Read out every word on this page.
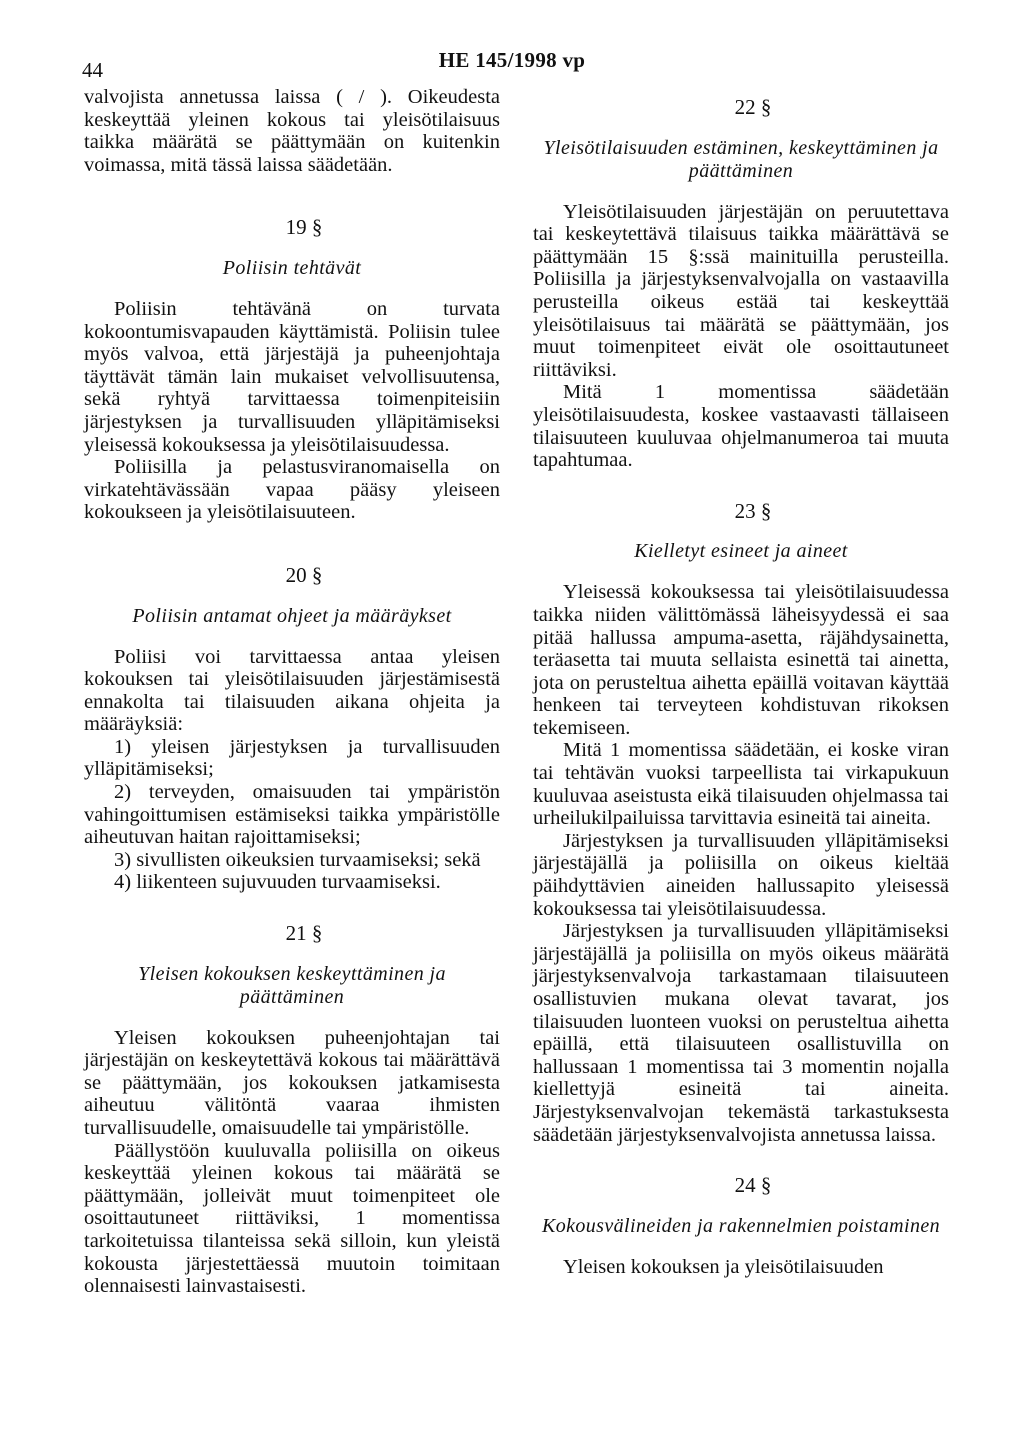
44	HE 145/1998 vp

valvojista annetussa laissa ( / ). Oikeudesta keskeyttää yleinen kokous tai yleisötilaisuus taikka määrätä se päättymään on kuitenkin voimassa, mitä tässä laissa säädetään.

19 §

Poliisin tehtävät

Poliisin tehtävänä on turvata kokoontumisvapauden käyttämistä. Poliisin tulee myös valvoa, että järjestäjä ja puheenjohtaja täyttävät tämän lain mukaiset velvollisuutensa, sekä ryhtyä tarvittaessa toimenpiteisiin järjestyksen ja turvallisuuden ylläpitämiseksi yleisessä kokouksessa ja yleisötilaisuudessa.

Poliisilla ja pelastusviranomaisella on virkatehtävässään vapaa pääsy yleiseen kokoukseen ja yleisötilaisuuteen.

20 §

Poliisin antamat ohjeet ja määräykset

Poliisi voi tarvittaessa antaa yleisen kokouksen tai yleisötilaisuuden järjestämisestä ennakolta tai tilaisuuden aikana ohjeita ja määräyksiä:

1) yleisen järjestyksen ja turvallisuuden ylläpitämiseksi;

2) terveyden, omaisuuden tai ympäristön vahingoittumisen estämiseksi taikka ympäristölle aiheutuvan haitan rajoittamiseksi;

3) sivullisten oikeuksien turvaamiseksi; sekä

4) liikenteen sujuvuuden turvaamiseksi.

21 §

Yleisen kokouksen keskeyttäminen ja päättäminen

Yleisen kokouksen puheenjohtajan tai järjestäjän on keskeytettävä kokous tai määrättävä se päättymään, jos kokouksen jatkamisesta aiheutuu välitöntä vaaraa ihmisten turvallisuudelle, omaisuudelle tai ympäristölle.

Päällystöön kuuluvalla poliisilla on oikeus keskeyttää yleinen kokous tai määrätä se päättymään, jolleivät muut toimenpiteet ole osoittautuneet riittäviksi, 1 momentissa tarkoitetuissa tilanteissa sekä silloin, kun yleistä kokousta järjestettäessä muutoin toimitaan olennaisesti lainvastaisesti.

22 §

Yleisötilaisuuden estäminen, keskeyttäminen ja päättäminen

Yleisötilaisuuden järjestäjän on peruutettava tai keskeytettävä tilaisuus taikka määrättävä se päättymään 15 §:ssä mainituilla perusteilla. Poliisilla ja järjestyksenvalvojalla on vastaavilla perusteilla oikeus estää tai keskeyttää yleisötilaisuus tai määrätä se päättymään, jos muut toimenpiteet eivät ole osoittautuneet riittäviksi.

Mitä 1 momentissa säädetään yleisötilaisuudesta, koskee vastaavasti tällaiseen tilaisuuteen kuuluvaa ohjelmanumeroa tai muuta tapahtumaa.

23 §

Kielletyt esineet ja aineet

Yleisessä kokouksessa tai yleisötilaisuudessa taikka niiden välittömässä läheisyydessä ei saa pitää hallussa ampuma-asetta, räjähdysainetta, teräasetta tai muuta sellaista esinettä tai ainetta, jota on perusteltua aihetta epäillä voitavan käyttää henkeen tai terveyteen kohdistuvan rikoksen tekemiseen.

Mitä 1 momentissa säädetään, ei koske viran tai tehtävän vuoksi tarpeellista tai virkapukuun kuuluvaa aseistusta eikä tilaisuuden ohjelmassa tai urheilukilpailuissa tarvittavia esineitä tai aineita.

Järjestyksen ja turvallisuuden ylläpitämiseksi järjestäjällä ja poliisilla on oikeus kieltää päihdyttävien aineiden hallussapito yleisessä kokouksessa tai yleisötilaisuudessa.

Järjestyksen ja turvallisuuden ylläpitämiseksi järjestäjällä ja poliisilla on myös oikeus määrätä järjestyksenvalvoja tarkastamaan tilaisuuteen osallistuvien mukana olevat tavarat, jos tilaisuuden luonteen vuoksi on perusteltua aihetta epäillä, että tilaisuuteen osallistuvilla on hallussaan 1 momentissa tai 3 momentin nojalla kiellettyjä esineitä tai aineita. Järjestyksenvalvojan tekemästä tarkastuksesta säädetään järjestyksenvalvojista annetussa laissa.

24 §

Kokousvälineiden ja rakennelmien poistaminen

Yleisen kokouksen ja yleisötilaisuuden
